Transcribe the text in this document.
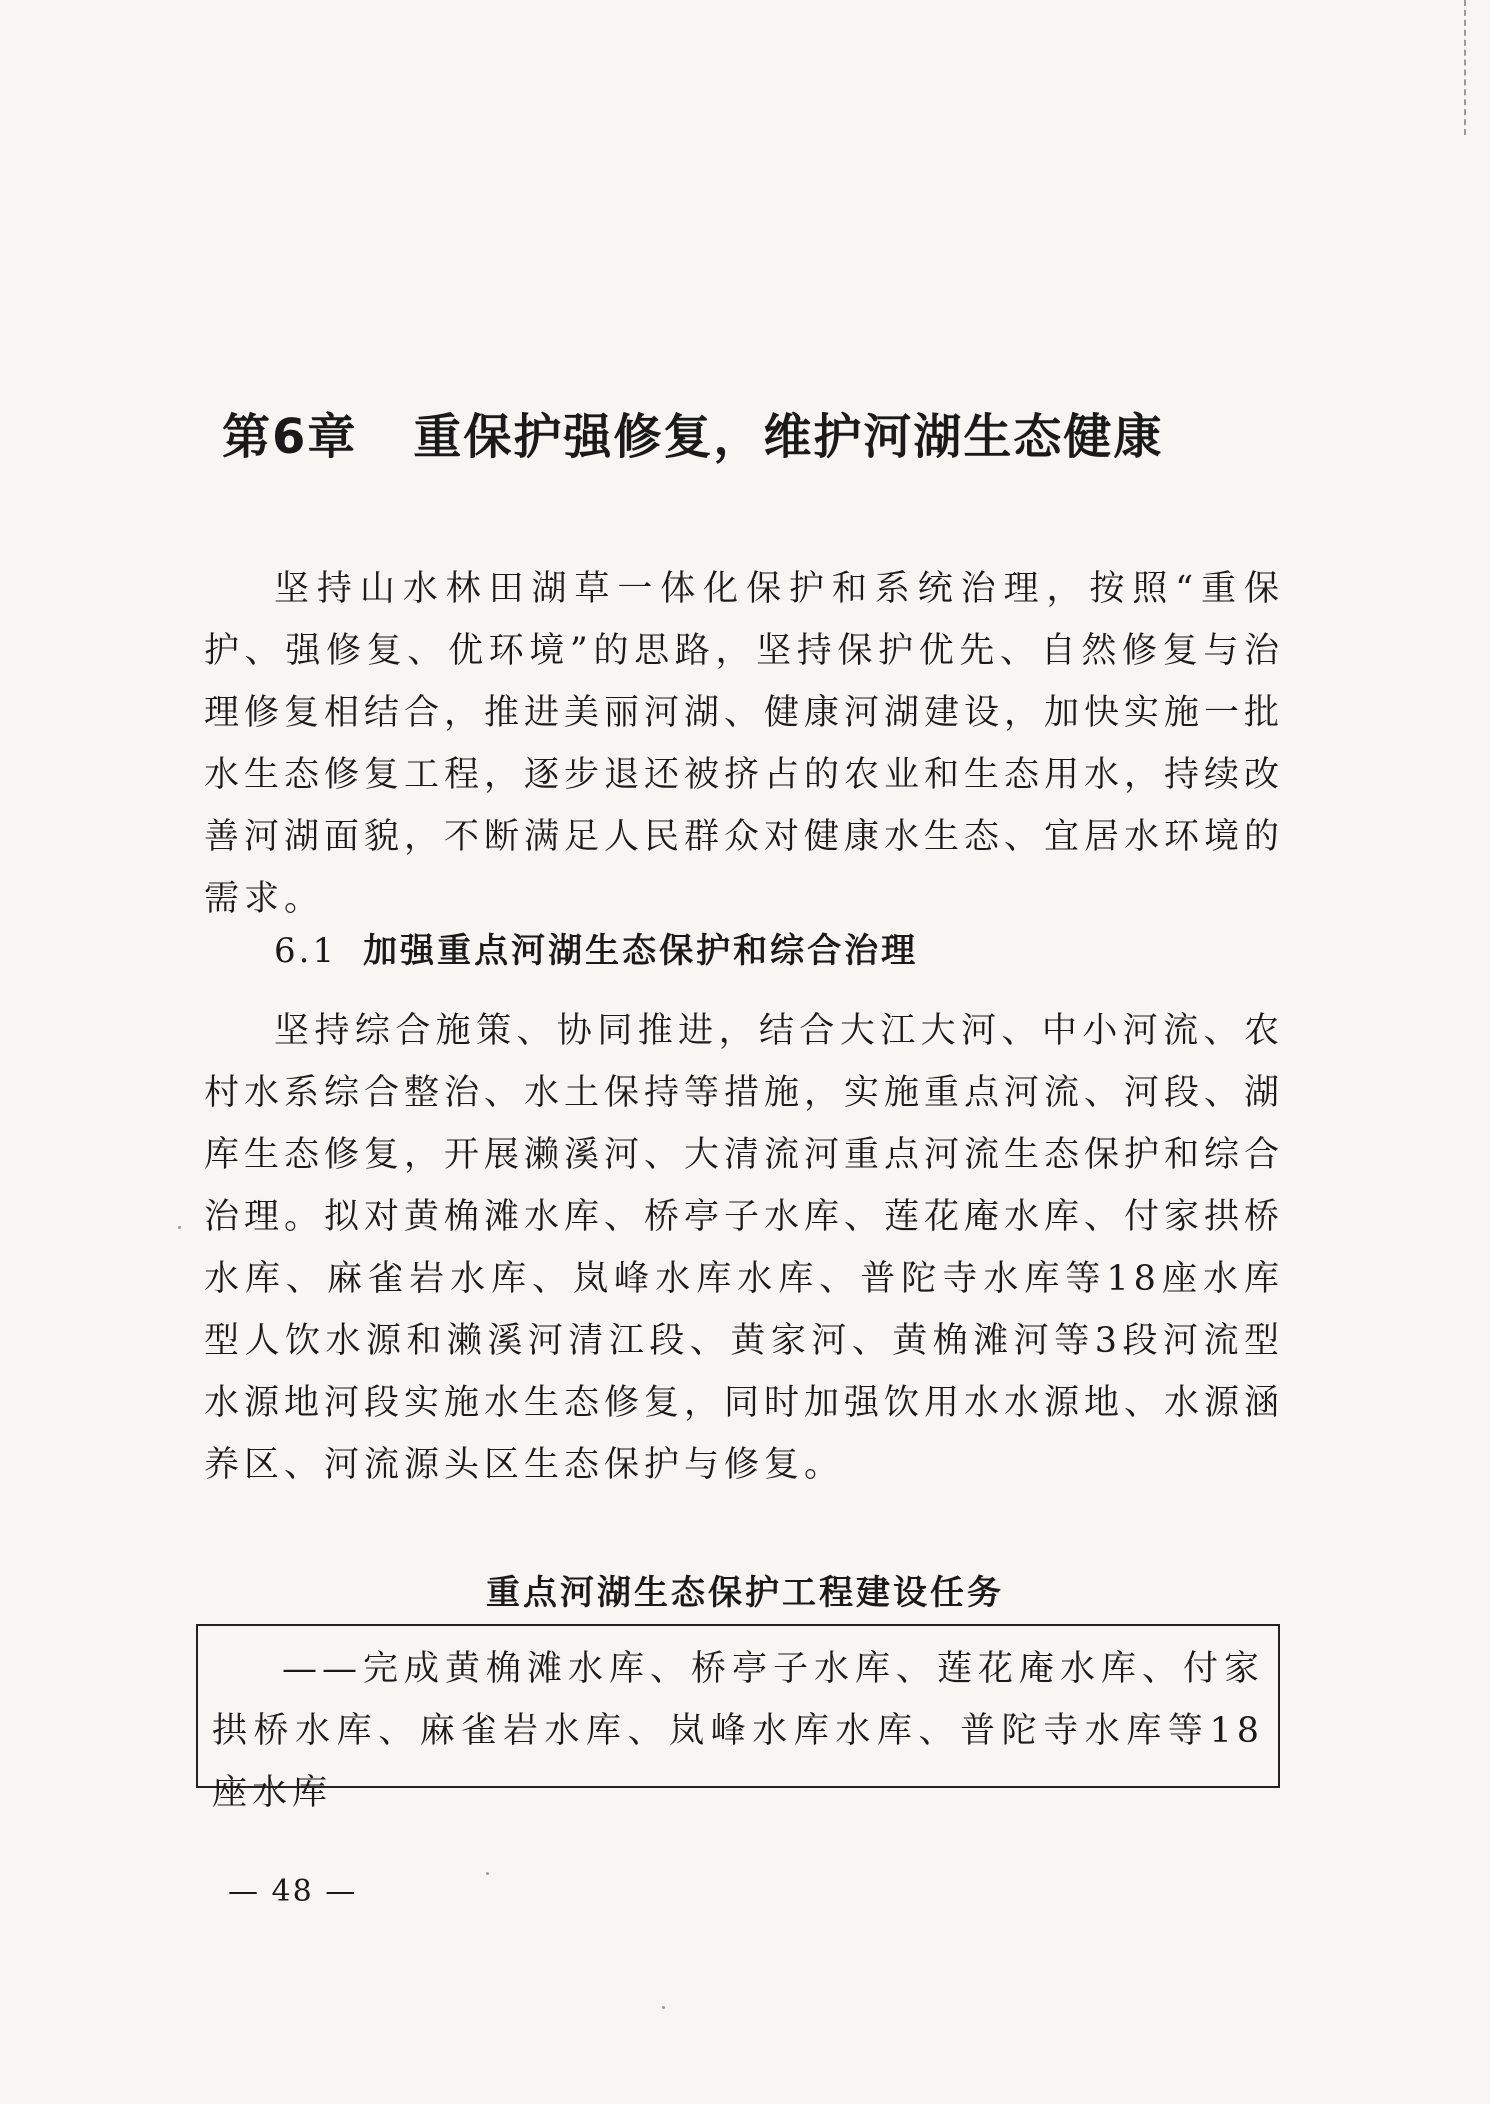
第6章 重保护强修复，维护河湖生态健康

坚持山水林田湖草一体化保护和系统治理，按照“重保护、强修复、优环境”的思路，坚持保护优先、自然修复与治理修复相结合，推进美丽河湖、健康河湖建设，加快实施一批水生态修复工程，逐步退还被挤占的农业和生态用水，持续改善河湖面貌，不断满足人民群众对健康水生态、宜居水环境的需求。

6.1 加强重点河湖生态保护和综合治理

坚持综合施策、协同推进，结合大江大河、中小河流、农村水系综合整治、水土保持等措施，实施重点河流、河段、湖库生态修复，开展濑溪河、大清流河重点河流生态保护和综合治理。拟对黄桷滩水库、桥亭子水库、莲花庵水库、付家拱桥水库、麻雀岩水库、岚峰水库水库、普陀寺水库等18座水库型人饮水源和濑溪河清江段、黄家河、黄桷滩河等3段河流型水源地河段实施水生态修复，同时加强饮用水水源地、水源涵养区、河流源头区生态保护与修复。

重点河湖生态保护工程建设任务
——完成黄桷滩水库、桥亭子水库、莲花庵水库、付家拱桥水库、麻雀岩水库、岚峰水库水库、普陀寺水库等18座水库
— 48 —
